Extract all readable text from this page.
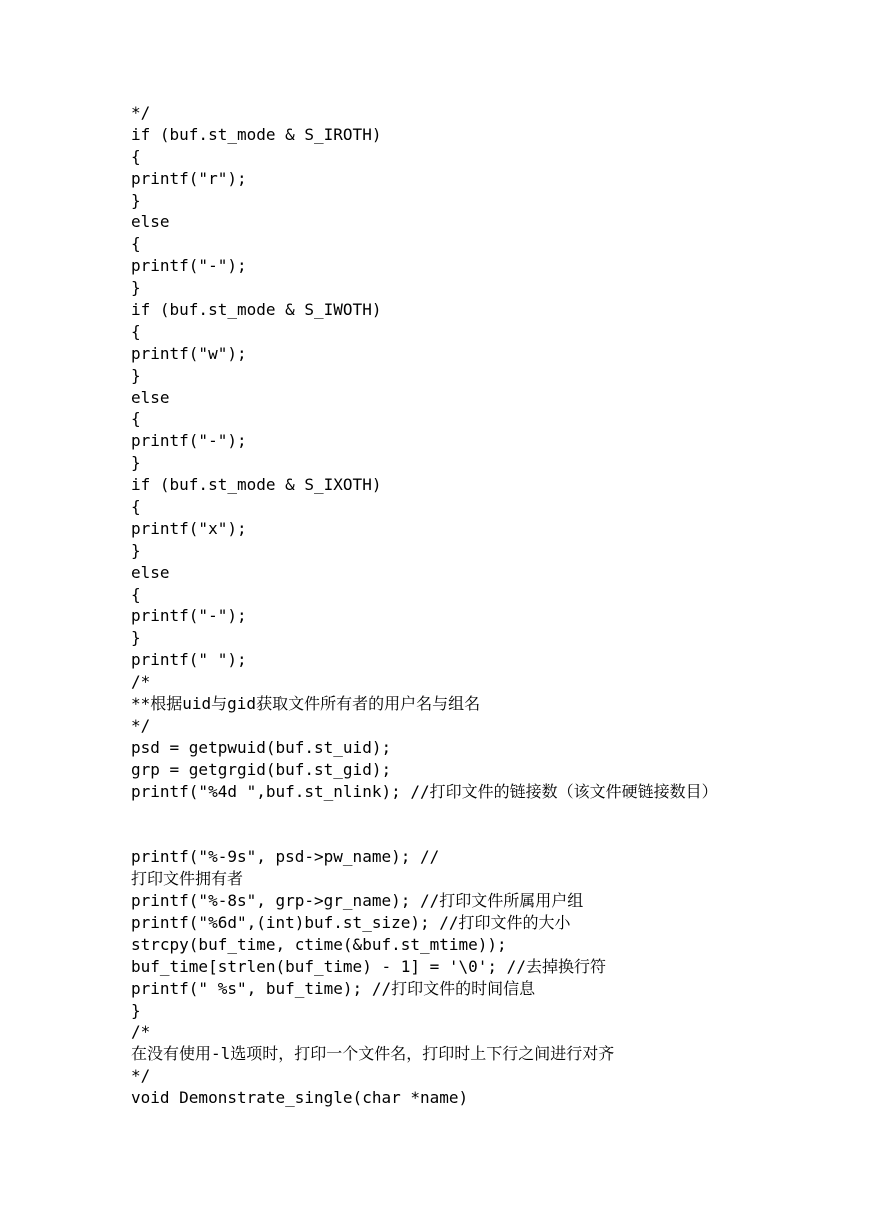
*/
if (buf.st_mode & S_IROTH)
{
printf("r");
}
else
{
printf("-");
}
if (buf.st_mode & S_IWOTH)
{
printf("w");
}
else
{
printf("-");
}
if (buf.st_mode & S_IXOTH)
{
printf("x");
}
else
{
printf("-");
}
printf(" ");
/*
**根据uid与gid获取文件所有者的用户名与组名
*/
psd = getpwuid(buf.st_uid);
grp = getgrgid(buf.st_gid);
printf("%4d ",buf.st_nlink); //打印文件的链接数（该文件硬链接数目）
printf("%-9s", psd->pw_name); //
打印文件拥有者
printf("%-8s", grp->gr_name); //打印文件所属用户组
printf("%6d",(int)buf.st_size); //打印文件的大小
strcpy(buf_time, ctime(&buf.st_mtime));
buf_time[strlen(buf_time) - 1] = '\0'; //去掉换行符
printf(" %s", buf_time); //打印文件的时间信息
}
/*
在没有使用-l选项时，打印一个文件名，打印时上下行之间进行对齐
*/
void Demonstrate_single(char *name)
